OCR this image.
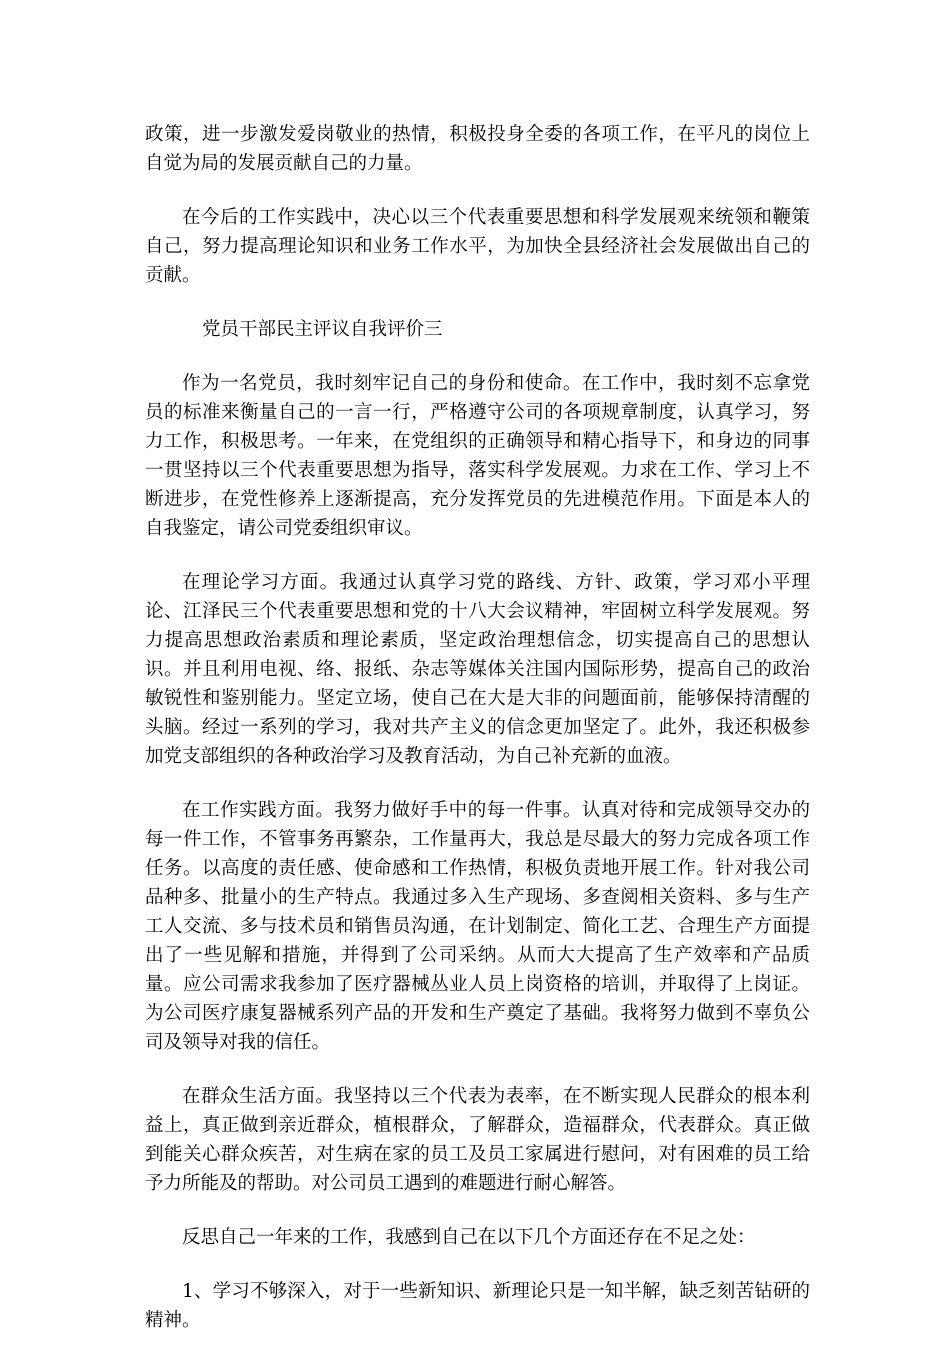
政策，进一步激发爱岗敬业的热情，积极投身全委的各项工作，在平凡的岗位上自觉为局的发展贡献自己的力量。

在今后的工作实践中，决心以三个代表重要思想和科学发展观来统领和鞭策自己，努力提高理论知识和业务工作水平，为加快全县经济社会发展做出自己的贡献。

党员干部民主评议自我评价三

作为一名党员，我时刻牢记自己的身份和使命。在工作中，我时刻不忘拿党员的标准来衡量自己的一言一行，严格遵守公司的各项规章制度，认真学习，努力工作，积极思考。一年来，在党组织的正确领导和精心指导下，和身边的同事一贯坚持以三个代表重要思想为指导，落实科学发展观。力求在工作、学习上不断进步，在党性修养上逐渐提高，充分发挥党员的先进模范作用。下面是本人的自我鉴定，请公司党委组织审议。

在理论学习方面。我通过认真学习党的路线、方针、政策，学习邓小平理论、江泽民三个代表重要思想和党的十八大会议精神，牢固树立科学发展观。努力提高思想政治素质和理论素质，坚定政治理想信念，切实提高自己的思想认识。并且利用电视、络、报纸、杂志等媒体关注国内国际形势，提高自己的政治敏锐性和鉴别能力。坚定立场，使自己在大是大非的问题面前，能够保持清醒的头脑。经过一系列的学习，我对共产主义的信念更加坚定了。此外，我还积极参加党支部组织的各种政治学习及教育活动，为自己补充新的血液。

在工作实践方面。我努力做好手中的每一件事。认真对待和完成领导交办的每一件工作，不管事务再繁杂，工作量再大，我总是尽最大的努力完成各项工作任务。以高度的责任感、使命感和工作热情，积极负责地开展工作。针对我公司品种多、批量小的生产特点。我通过多入生产现场、多查阅相关资料、多与生产工人交流、多与技术员和销售员沟通，在计划制定、简化工艺、合理生产方面提出了一些见解和措施，并得到了公司采纳。从而大大提高了生产效率和产品质量。应公司需求我参加了医疗器械丛业人员上岗资格的培训，并取得了上岗证。为公司医疗康复器械系列产品的开发和生产奠定了基础。我将努力做到不辜负公司及领导对我的信任。

在群众生活方面。我坚持以三个代表为表率，在不断实现人民群众的根本利益上，真正做到亲近群众，植根群众，了解群众，造福群众，代表群众。真正做到能关心群众疾苦，对生病在家的员工及员工家属进行慰问，对有困难的员工给予力所能及的帮助。对公司员工遇到的难题进行耐心解答。

反思自己一年来的工作，我感到自己在以下几个方面还存在不足之处：

1、学习不够深入，对于一些新知识、新理论只是一知半解，缺乏刻苦钻研的精神。
